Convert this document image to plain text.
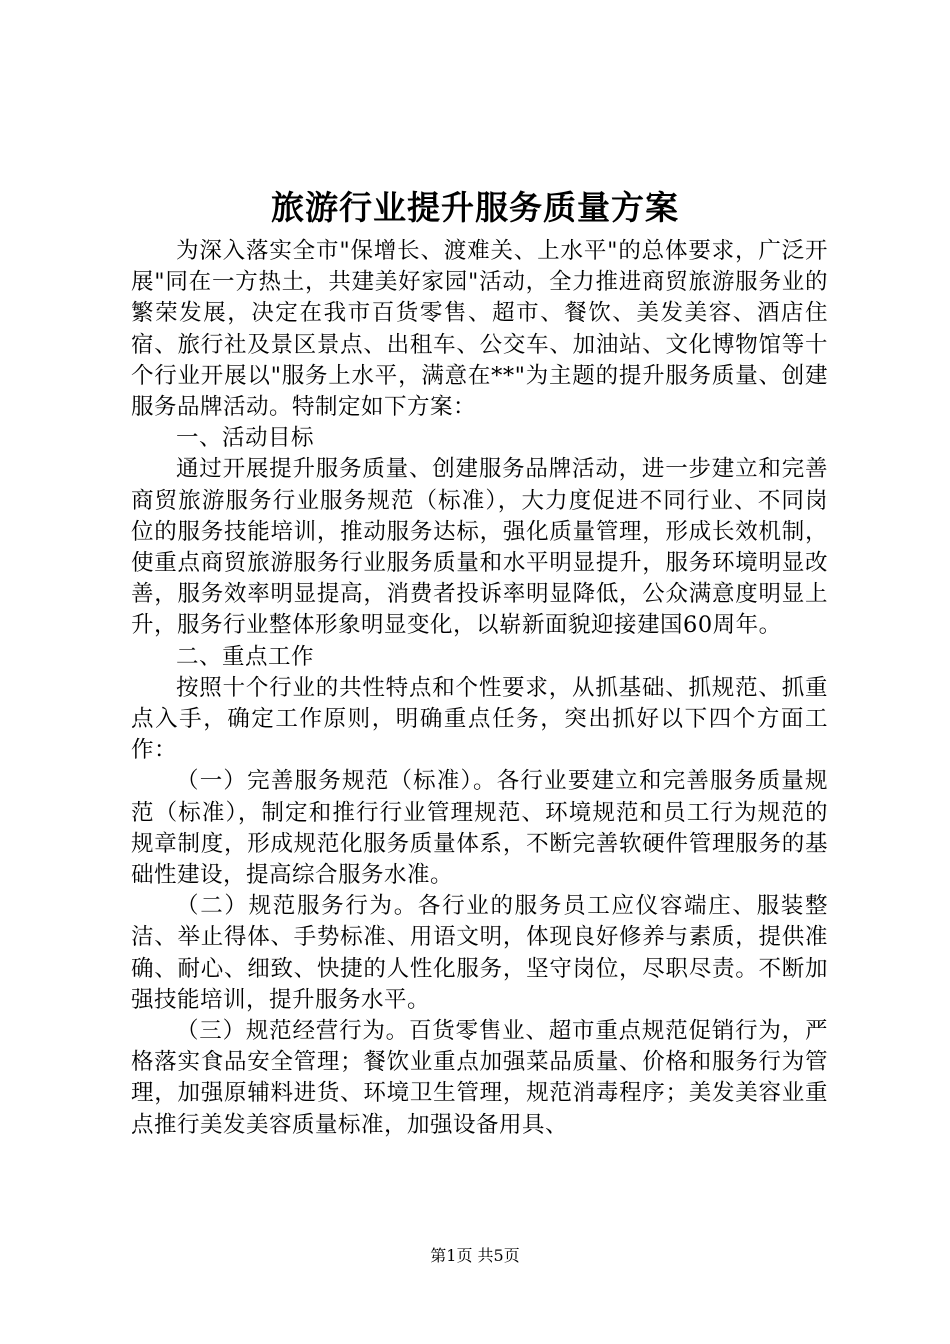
旅游行业提升服务质量方案

为深入落实全市"保增长、渡难关、上水平"的总体要求，广泛开展"同在一方热土，共建美好家园"活动，全力推进商贸旅游服务业的繁荣发展，决定在我市百货零售、超市、餐饮、美发美容、酒店住宿、旅行社及景区景点、出租车、公交车、加油站、文化博物馆等十个行业开展以"服务上水平，满意在**"为主题的提升服务质量、创建服务品牌活动。特制定如下方案：

一、活动目标

通过开展提升服务质量、创建服务品牌活动，进一步建立和完善商贸旅游服务行业服务规范（标准），大力度促进不同行业、不同岗位的服务技能培训，推动服务达标，强化质量管理，形成长效机制，使重点商贸旅游服务行业服务质量和水平明显提升，服务环境明显改善，服务效率明显提高，消费者投诉率明显降低，公众满意度明显上升，服务行业整体形象明显变化，以崭新面貌迎接建国60周年。

二、重点工作

按照十个行业的共性特点和个性要求，从抓基础、抓规范、抓重点入手，确定工作原则，明确重点任务，突出抓好以下四个方面工作：

（一）完善服务规范（标准）。各行业要建立和完善服务质量规范（标准），制定和推行行业管理规范、环境规范和员工行为规范的规章制度，形成规范化服务质量体系，不断完善软硬件管理服务的基础性建设，提高综合服务水准。

（二）规范服务行为。各行业的服务员工应仪容端庄、服装整洁、举止得体、手势标准、用语文明，体现良好修养与素质，提供准确、耐心、细致、快捷的人性化服务，坚守岗位，尽职尽责。不断加强技能培训，提升服务水平。

（三）规范经营行为。百货零售业、超市重点规范促销行为，严格落实食品安全管理；餐饮业重点加强菜品质量、价格和服务行为管理，加强原辅料进货、环境卫生管理，规范消毒程序；美发美容业重点推行美发美容质量标准，加强设备用具、

第1页 共5页
